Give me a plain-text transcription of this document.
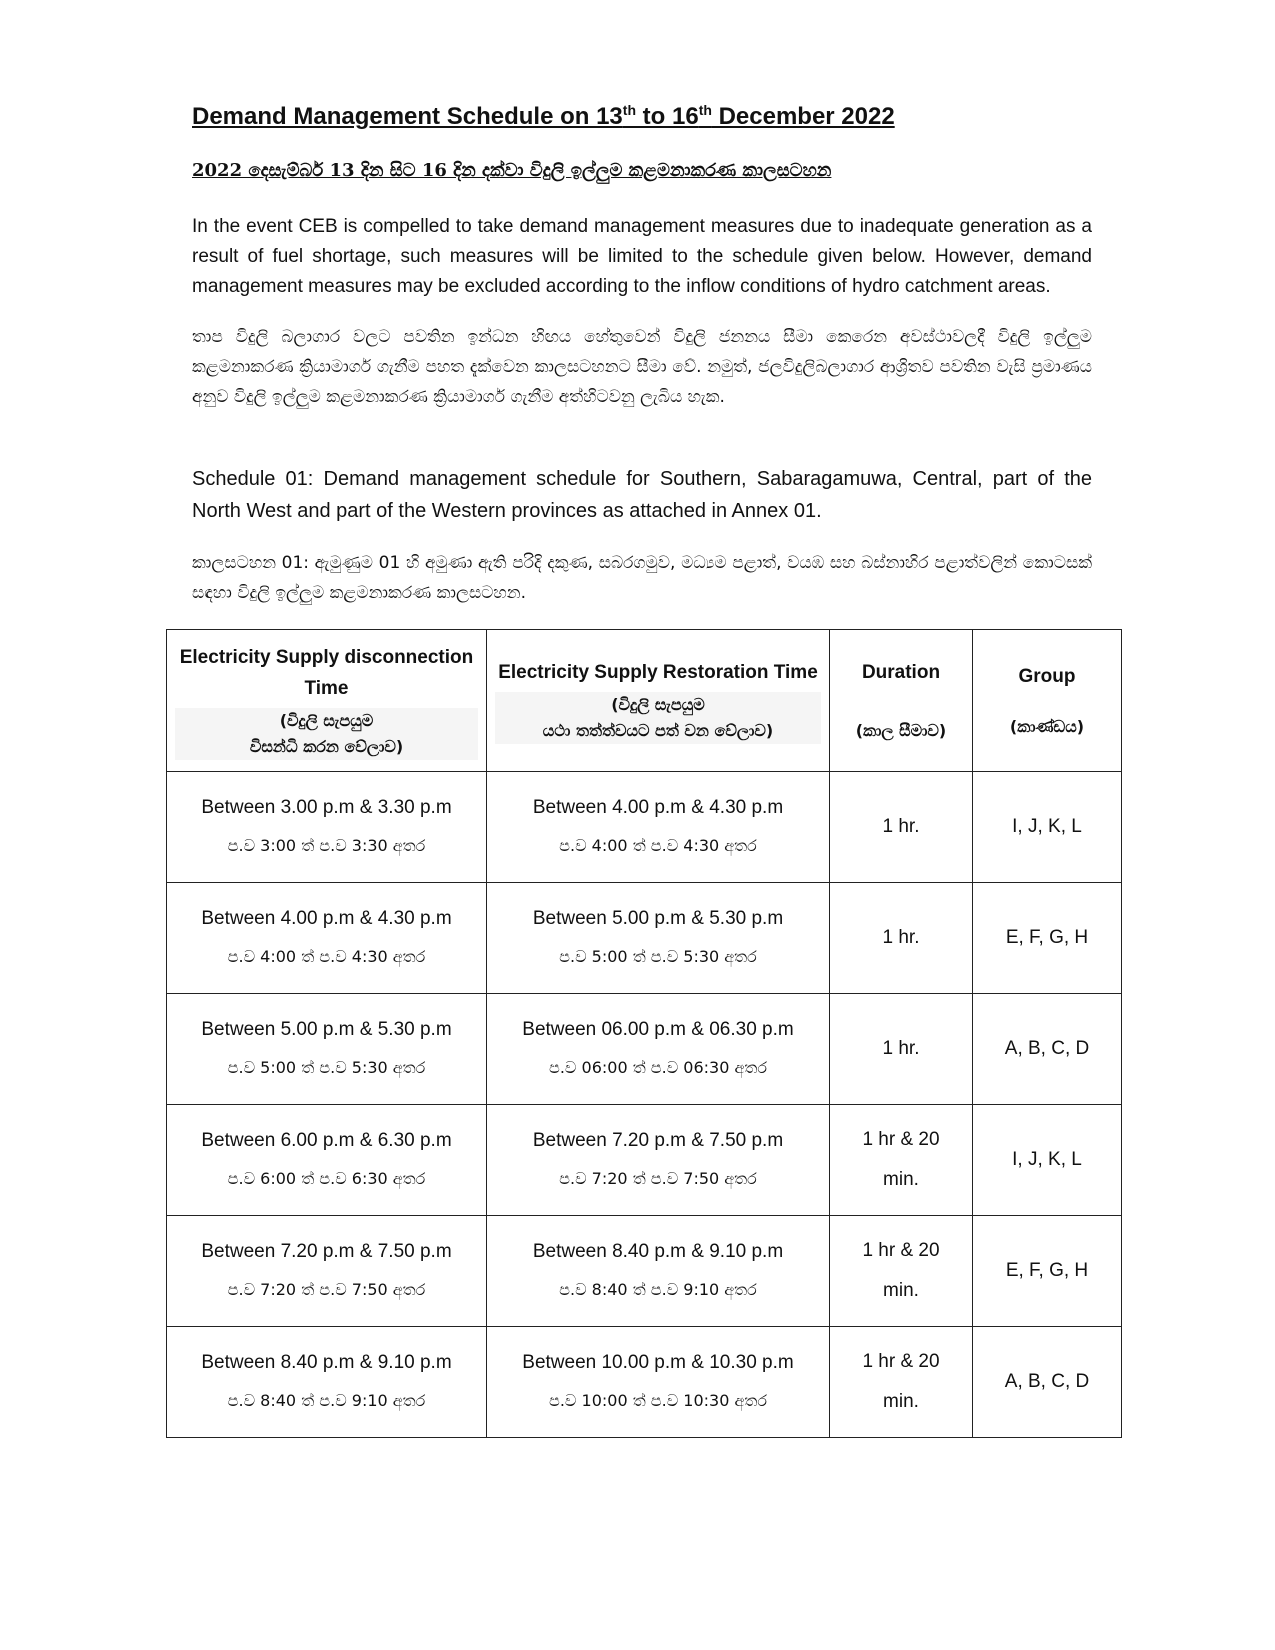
Demand Management Schedule on 13th to 16th December 2022
2022 දෙසැම්බර් 13 දින සිට 16 දින දක්වා විදුලි ඉල්ලුම කළමනාකරණ කාලසටහන
In the event CEB is compelled to take demand management measures due to inadequate generation as a result of fuel shortage, such measures will be limited to the schedule given below. However, demand management measures may be excluded according to the inflow conditions of hydro catchment areas.
තාප විදුලි බලාගාර වලට පවතින ඉන්ධන හිඟය හේතුවෙන් විදුලි ජනනය සීමා කෙරෙන අවස්ථාවලදී විදුලි ඉල්ලුම කළමනාකරණ ක්‍රියාමාර්ග ගැනීම පහත දැක්වෙන කාලසටහනට සීමා වේ. නමුත්, ජලවිදුලිබලාගාර ආශ්‍රිතව පවතින වැසි ප්‍රමාණය අනුව විදුලි ඉල්ලුම කළමනාකරණ ක්‍රියාමාර්ග ගැනීම අත්හිටවනු ලැබිය හැක.
Schedule 01: Demand management schedule for Southern, Sabaragamuwa, Central, part of the North West and part of the Western provinces as attached in Annex 01.
කාලසටහන 01: ඇමුණුම 01 හි අමුණා ඇති පරිදි දකුණ, සබරගමුව, මධ්‍යම පළාත්, වයඹ සහ බස්නාහිර පළාත්වලින් කොටසක් සඳහා විදුලි ඉල්ලුම කළමනාකරණ කාලසටහන.
Electricity Supply disconnection Time
(විදුලි සැපයුම
විසන්ධි කරන වේලාව)	Electricity Supply Restoration Time
(විදුලි සැපයුම
යථා තත්ත්වයට පත් වන වේලාව)	Duration
(කාල සීමාව)	Group
(කාණ්ඩය)

Between 3.00 p.m & 3.30 p.m
ප.ව 3:00 ත් ප.ව 3:30 අතර	Between 4.00 p.m & 4.30 p.m
ප.ව 4:00 ත් ප.ව 4:30 අතර	1 hr.	I, J, K, L

Between 4.00 p.m & 4.30 p.m
ප.ව 4:00 ත් ප.ව 4:30 අතර	Between 5.00 p.m & 5.30 p.m
ප.ව 5:00 ත් ප.ව 5:30 අතර	1 hr.	E, F, G, H

Between 5.00 p.m & 5.30 p.m
ප.ව 5:00 ත් ප.ව 5:30 අතර	Between 06.00 p.m & 06.30 p.m
ප.ව 06:00 ත් ප.ව 06:30 අතර	1 hr.	A, B, C, D

Between 6.00 p.m & 6.30 p.m
ප.ව 6:00 ත් ප.ව 6:30 අතර	Between 7.20 p.m & 7.50 p.m
ප.ව 7:20 ත් ප.ව 7:50 අතර	1 hr & 20 min.	I, J, K, L

Between 7.20 p.m & 7.50 p.m
ප.ව 7:20 ත් ප.ව 7:50 අතර	Between 8.40 p.m & 9.10 p.m
ප.ව 8:40 ත් ප.ව 9:10 අතර	1 hr & 20 min.	E, F, G, H

Between 8.40 p.m & 9.10 p.m
ප.ව 8:40 ත් ප.ව 9:10 අතර	Between 10.00 p.m & 10.30 p.m
ප.ව 10:00 ත් ප.ව 10:30 අතර	1 hr & 20 min.	A, B, C, D
